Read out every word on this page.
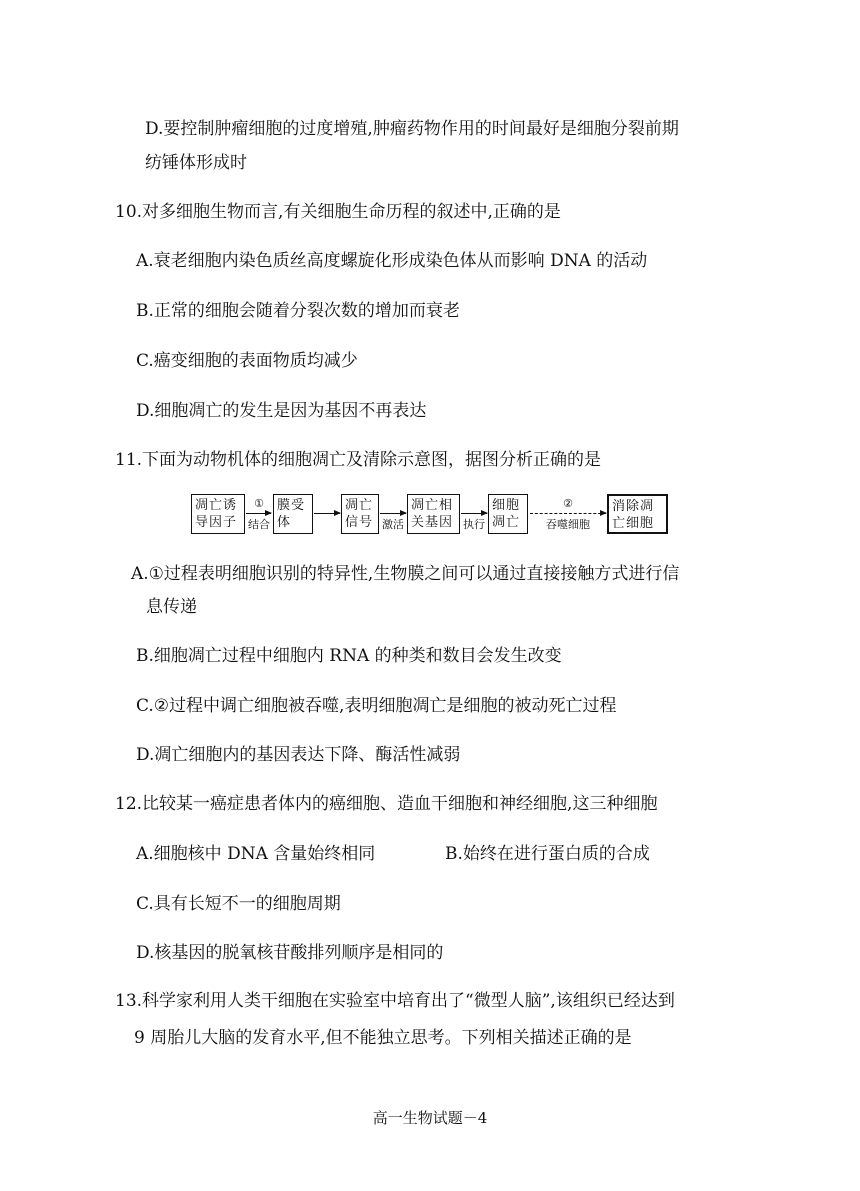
D.要控制肿瘤细胞的过度增殖,肿瘤药物作用的时间最好是细胞分裂前期
纺锤体形成时
10.对多细胞生物而言,有关细胞生命历程的叙述中,正确的是
A.衰老细胞内染色质丝高度螺旋化形成染色体从而影响 DNA 的活动
B.正常的细胞会随着分裂次数的增加而衰老
C.癌变细胞的表面物质均减少
D.细胞凋亡的发生是因为基因不再表达
11.下面为动物机体的细胞凋亡及清除示意图，据图分析正确的是
凋亡诱
导因子
①
结合
膜受
体
凋亡
信号 激活
凋亡相
关基因 执行
细胞
凋亡
②
吞噬细胞
消除凋
亡细胞
A.①过程表明细胞识别的特异性,生物膜之间可以通过直接接触方式进行信
息传递
B.细胞凋亡过程中细胞内 RNA 的种类和数目会发生改变
C.②过程中调亡细胞被吞噬,表明细胞凋亡是细胞的被动死亡过程
D.凋亡细胞内的基因表达下降、酶活性减弱
12.比较某一癌症患者体内的癌细胞、造血干细胞和神经细胞,这三种细胞
A.细胞核中 DNA 含量始终相同	B.始终在进行蛋白质的合成
C.具有长短不一的细胞周期
D.核基因的脱氧核苷酸排列顺序是相同的
13.科学家利用人类干细胞在实验室中培育出了“微型人脑”,该组织已经达到
9 周胎儿大脑的发育水平,但不能独立思考。下列相关描述正确的是
高一生物试题－4
